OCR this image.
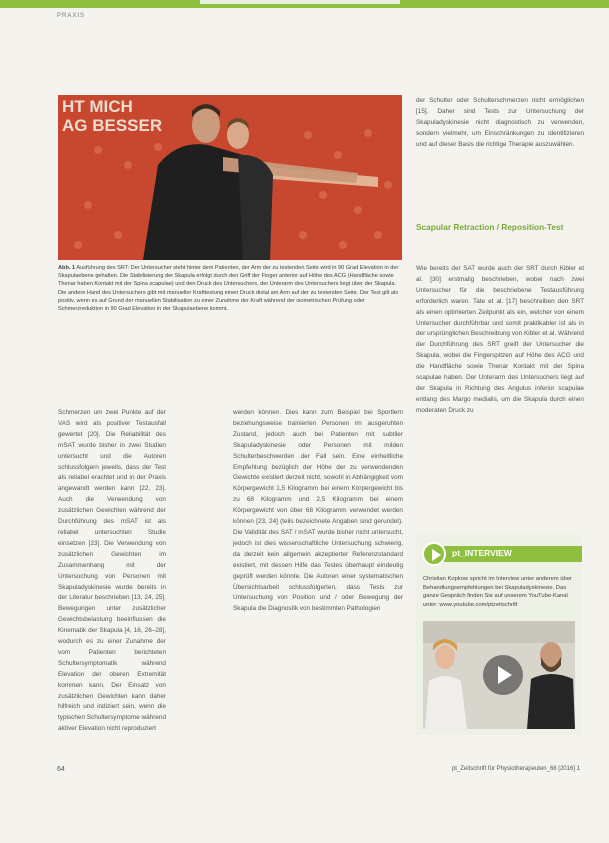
PRAXIS
HT MICH
AG BESSER
Abb. 1 Ausführung des SRT: Der Untersucher steht hinter dem Patienten, der Arm der zu testenden Seite wird in 90 Grad Elevation in der Skapulaebene gehalten. Die Stabilisierung der Skapula erfolgt durch den Griff der Finger anterior auf Höhe des ACG (Handfläche sowie Thenar haben Kontakt mit der Spina scapulae) und den Druck des Untersuchers, der Unterarm des Untersuchers liegt über der Skapula. Die andere Hand des Untersuchers gibt mit manueller Krafttestung einen Druck distal am Arm auf der zu testenden Seite. Der Test gilt als positiv, wenn es auf Grund der manuellen Stabilisation zu einer Zunahme der Kraft während der isometrischen Prüfung oder Schmerzreduktion in 90 Grad Elevation in der Skapulaebene kommt.
Schmerzen um zwei Punkte auf der VAS wird als positiver Testausfall gewertet [20]. Die Reliabilität des mSAT wurde bisher in zwei Studien untersucht und die Autoren schlussfolgern jeweils, dass der Test als reliabel erachtet und in der Praxis angewandt werden kann [22, 23]. Auch die Verwendung von zusätzlichen Gewichten während der Durchführung des mSAT ist als reliabel untersuchten Studie einsetzen [23]. Die Verwendung von zusätzlichen Gewichten im Zusammenhang mit der Untersuchung von Personen mit Skapuladyskinesie wurde bereits in der Literatur beschrieben [13, 24, 25]. Bewegungen unter zusätzlicher Gewichtsbelastung beeinflussen die Kinematik der Skapula [4, 16, 26–28], wodurch es zu einer Zunahme der vom Patienten berichteten Schultersymptomatik während Elevation der oberen Extremität kommen kann. Der Einsatz von zusätzlichen Gewichten kann daher hilfreich und indiziert sein, wenn die typischen Schultersymptome während aktiver Elevation nicht reproduziert
werden können. Dies kann zum Beispiel bei Sportlern beziehungsweise trainierten Personen im ausgeruhten Zustand, jedoch auch bei Patienten mit subtiler Skapuladyskinesie oder Personen mit milden Schulterbeschwerden der Fall sein. Eine einheitliche Empfehlung bezüglich der Höhe der zu verwendenden Gewichte existiert derzeit nicht, sowohl in Abhängigkeit vom Körpergewicht 1,5 Kilogramm bei einem Körpergewicht bis zu 68 Kilogramm und 2,5 Kilogramm bei einem Körpergewicht von über 68 Kilogramm verwendet werden können [23, 24] (teils bezeichnete Angaben sind gerundet). Die Validität des SAT / mSAT wurde bisher nicht untersucht, jedoch ist dies wissenschaftliche Untersuchung schwierig, da derzeit kein allgemein akzeptierter Referenzstandard existiert, mit dessen Hilfe das Testes überhaupt eindeutig geprüft werden könnte. Die Autoren einer systematischen Übersichtsarbeit schlussfolgerten, dass Tests zur Untersuchung von Position und / oder Bewegung der Skapula die Diagnostik von bestimmten Pathologien
der Schulter oder Schulterschmerzen nicht ermöglichen [15]. Daher sind Tests zur Untersuchung der Skapuladyskinesie nicht diagnostisch zu verwenden, sondern vielmehr, um Einschränkungen zu identifizieren und auf dieser Basis die richtige Therapie auszuwählen.
Scapular Retraction / Reposition-Test
Wie bereits der SAT wurde auch der SRT durch Kibler et al. [30] erstmalig beschrieben, wobei nach zwei Untersucher für die beschriebene Testausführung erforderlich waren. Tate et al. [17] beschreiben den SRT als einen optimierten Zeitpunkt als ein, welcher von einem Untersucher durchführbar und somit praktikabler ist als in der ursprünglichen Beschreibung von Kibler et al. Während der Durchführung des SRT greift der Untersucher die Skapula, wobei die Fingerspitzen auf Höhe des ACG und die Handfläche sowie Thenar Kontakt mit der Spina scapulae haben. Der Unterarm des Untersuchers liegt auf der Skapula in Richtung des Angulus inferior scapulae entlang des Margo medialis, um die Skapula durch einen moderaten Druck zu
pt_INTERVIEW
Christian Kopkow spricht im Interview unter anderem über Behandlungsempfehlungen bei Skapuladyskinesie. Das ganze Gespräch finden Sie auf unserem YouTube-Kanal unter: www.youtube.com/ptzeitschrift
64	pt_Zeitschrift für Physiotherapeuten_68 [2016] 1
